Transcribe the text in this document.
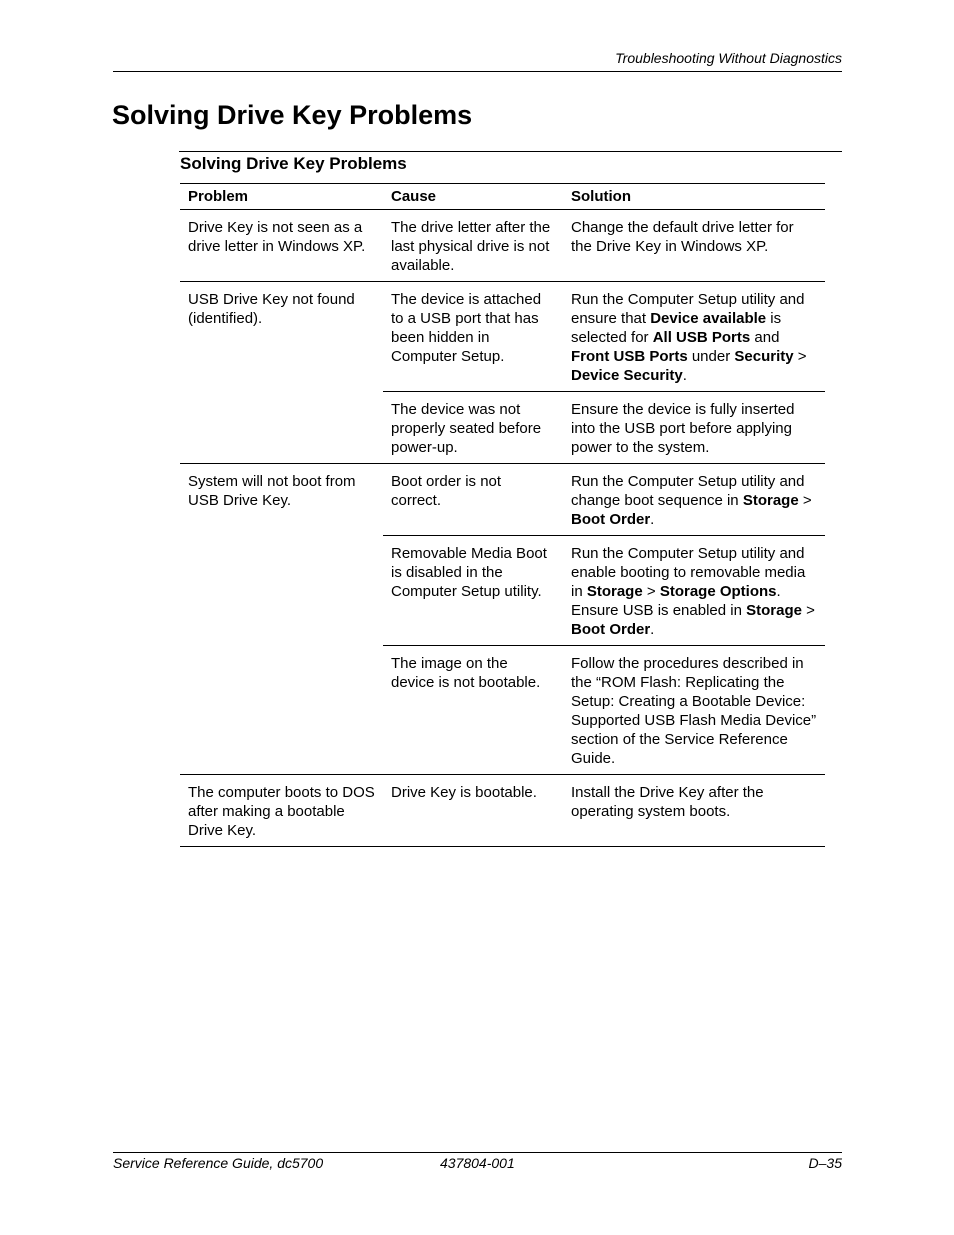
Troubleshooting Without Diagnostics
Solving Drive Key Problems
Solving Drive Key Problems
Problem	Cause	Solution
Drive Key is not seen as a drive letter in Windows XP.	The drive letter after the last physical drive is not available.	Change the default drive letter for the Drive Key in Windows XP.
USB Drive Key not found (identified).	The device is attached to a USB port that has been hidden in Computer Setup.	Run the Computer Setup utility and ensure that Device available is selected for All USB Ports and Front USB Ports under Security > Device Security.
	The device was not properly seated before power-up.	Ensure the device is fully inserted into the USB port before applying power to the system.
System will not boot from USB Drive Key.	Boot order is not correct.	Run the Computer Setup utility and change boot sequence in Storage > Boot Order.
	Removable Media Boot is disabled in the Computer Setup utility.	Run the Computer Setup utility and enable booting to removable media in Storage > Storage Options. Ensure USB is enabled in Storage > Boot Order.
	The image on the device is not bootable.	Follow the procedures described in the “ROM Flash: Replicating the Setup: Creating a Bootable Device: Supported USB Flash Media Device” section of the Service Reference Guide.
The computer boots to DOS after making a bootable Drive Key.	Drive Key is bootable.	Install the Drive Key after the operating system boots.
Service Reference Guide, dc5700	437804-001	D–35
